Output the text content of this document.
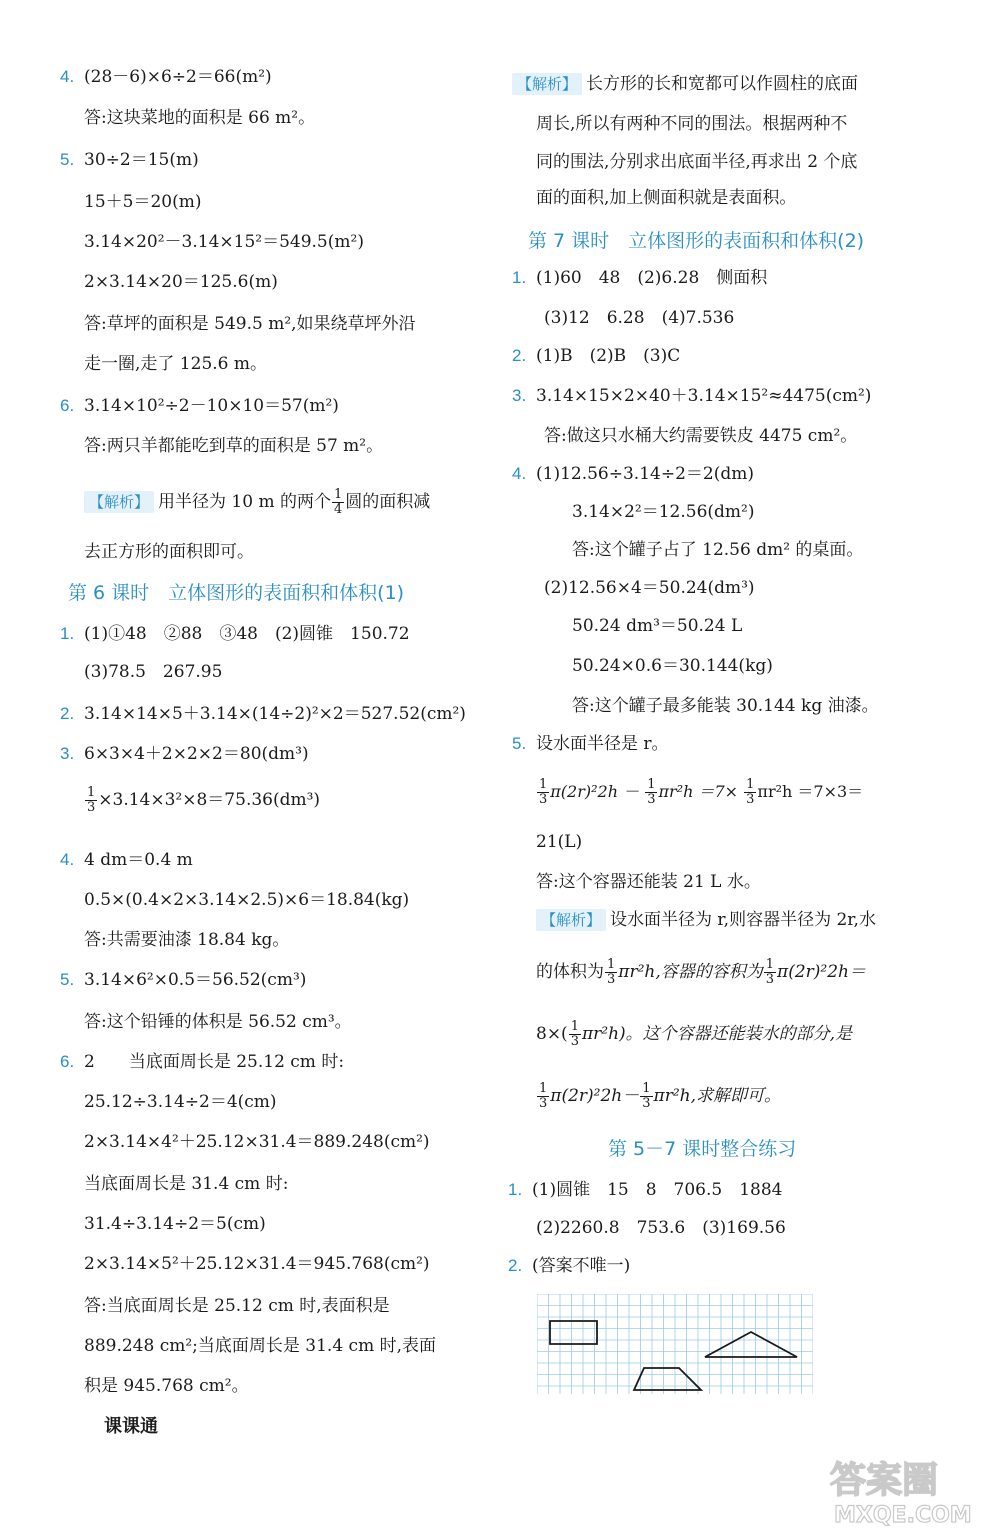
4. (28－6)×6÷2＝66(m²)
答:这块菜地的面积是 66 m²。
5. 30÷2＝15(m)
15＋5＝20(m)
3.14×20²－3.14×15²＝549.5(m²)
2×3.14×20＝125.6(m)
答:草坪的面积是 549.5 m²,如果绕草坪外沿
走一圈,走了 125.6 m。
6. 3.14×10²÷2－10×10＝57(m²)
答:两只羊都能吃到草的面积是 57 m²。
去正方形的面积即可。
1. (1)①48　②88　③48　(2)圆锥　150.72
(3)78.5　267.95
2. 3.14×14×5＋3.14×(14÷2)²×2＝527.52(cm²)
3. 6×3×4＋2×2×2＝80(dm³)
4. 4 dm＝0.4 m
0.5×(0.4×2×3.14×2.5)×6＝18.84(kg)
答:共需要油漆 18.84 kg。
5. 3.14×6²×0.5＝56.52(cm³)
答:这个铅锤的体积是 56.52 cm³。
6. 2　　当底面周长是 25.12 cm 时:
25.12÷3.14÷2＝4(cm)
2×3.14×4²＋25.12×31.4＝889.248(cm²)
当底面周长是 31.4 cm 时:
31.4÷3.14÷2＝5(cm)
2×3.14×5²＋25.12×31.4＝945.768(cm²)
答:当底面周长是 25.12 cm 时,表面积是
889.248 cm²;当底面周长是 31.4 cm 时,表面
积是 945.768 cm²。
面的面积,加上侧面积就是表面积。
1. (1)60　48　(2)6.28　侧面积
(3)12　6.28　(4)7.536
2. (1)B　(2)B　(3)C
3. 3.14×15×2×40＋3.14×15²≈4475(cm²)
答:做这只水桶大约需要铁皮 4475 cm²。
4. (1)12.56÷3.14÷2＝2(dm)
3.14×2²＝12.56(dm²)
答:这个罐子占了 12.56 dm² 的桌面。
(2)12.56×4＝50.24(dm³)
50.24 dm³＝50.24 L
50.24×0.6＝30.144(kg)
答:这个罐子最多能装 30.144 kg 油漆。
5. 设水面半径是 r。
21(L)
答:这个容器还能装 21 L 水。
1. (1)圆锥　15　8　706.5　1884
(2)2260.8　753.6　(3)169.56
2. (答案不唯一)
【解析】 用半径为 10 m 的两个 $\frac{1}{4}$ 圆的面积减
第 6 课时　立体图形的表面积和体积(1)
$\frac{1}{3} \times 3.14\times 3^2\times 8=75.36(dm^3)$
【解析】 长方形的长和宽都可以作圆柱的底面
周长,所以有两种不同的围法。根据两种不
同的围法,分别求出底面半径,再求出 2 个底
第 7 课时　立体图形的表面积和体积(2)
$\frac{1}{3} \pi(2r)^22h - \frac{1}{3} \pi r^2h =7\times \frac{1}{3} \pi r^2h =7\times 3=$
【解析】 设水面半径为 r,则容器半径为 2r,水
的体积为 $\frac{1}{3} \pi r^2h$,容器的容积为 $\frac{1}{3} \pi(2r)^22h=$
$8\times( \frac{1}{3} \pi r^2h)$。这个容器还能装水的部分,是
$\frac{1}{3} \pi(2r)^22h- \frac{1}{3} \pi r^2h$,求解即可。
第 5－7 课时整合练习
课课通
答案圈
MXQE.COM
